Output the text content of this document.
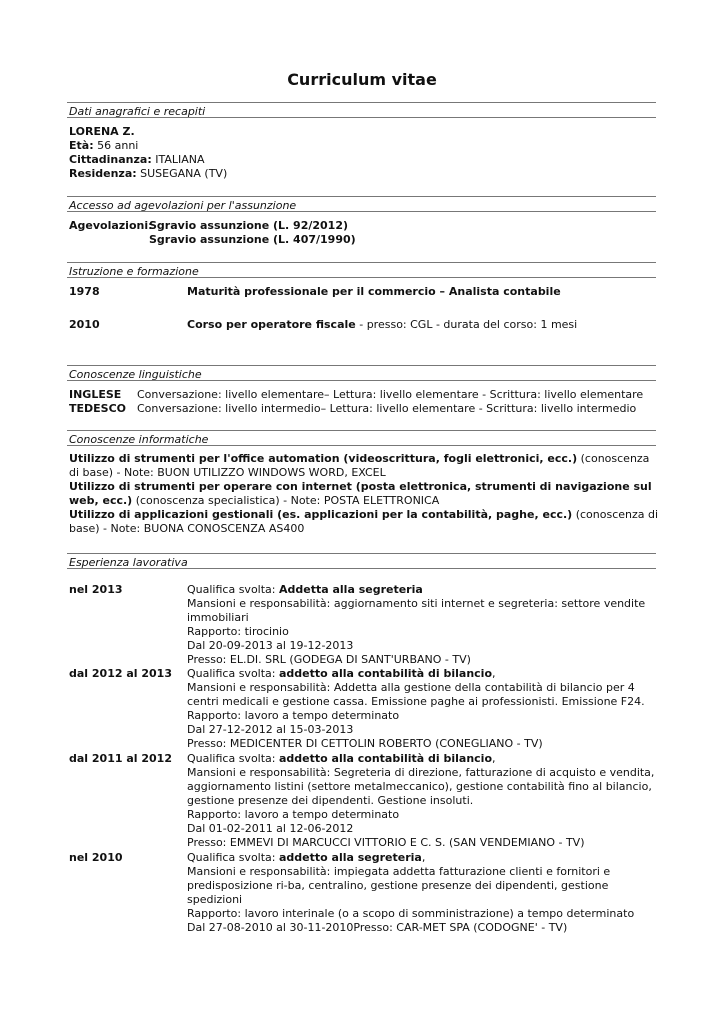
Curriculum vitae
Dati anagrafici e recapiti
LORENA Z.
Età: 56 anni
Cittadinanza: ITALIANA
Residenza: SUSEGANA (TV)
Accesso ad agevolazioni per l'assunzione
Agevolazioni:
Sgravio assunzione (L. 92/2012)
Sgravio assunzione (L. 407/1990)
Istruzione e formazione
1978	Maturità professionale per il commercio – Analista contabile
2010	Corso per operatore fiscale - presso: CGL - durata del corso: 1 mesi
Conoscenze linguistiche
INGLESE Conversazione: livello elementare– Lettura: livello elementare - Scrittura: livello elementare
TEDESCO Conversazione: livello intermedio– Lettura: livello elementare - Scrittura: livello intermedio
Conoscenze informatiche
Utilizzo di strumenti per l'office automation (videoscrittura, fogli elettronici, ecc.) (conoscenza di base) - Note: BUON UTILIZZO WINDOWS WORD, EXCEL
Utilizzo di strumenti per operare con internet (posta elettronica, strumenti di navigazione sul web, ecc.) (conoscenza specialistica) - Note: POSTA ELETTRONICA
Utilizzo di applicazioni gestionali (es. applicazioni per la contabilità, paghe, ecc.) (conoscenza di base) - Note: BUONA CONOSCENZA AS400
Esperienza lavorativa
nel 2013	Qualifica svolta: Addetta alla segreteria
Mansioni e responsabilità: aggiornamento siti internet e segreteria: settore vendite immobiliari
Rapporto: tirocinio
Dal 20-09-2013 al 19-12-2013
Presso: EL.DI. SRL (GODEGA DI SANT'URBANO - TV)
dal 2012 al 2013 Qualifica svolta: addetto alla contabilità di bilancio,
Mansioni e responsabilità: Addetta alla gestione della contabilità di bilancio per 4 centri medicali e gestione cassa. Emissione paghe ai professionisti. Emissione F24.
Rapporto: lavoro a tempo determinato
Dal 27-12-2012 al 15-03-2013
Presso: MEDICENTER DI CETTOLIN ROBERTO (CONEGLIANO - TV)
dal 2011 al 2012 Qualifica svolta: addetto alla contabilità di bilancio,
Mansioni e responsabilità: Segreteria di direzione, fatturazione di acquisto e vendita, aggiornamento listini (settore metalmeccanico), gestione contabilità fino al bilancio, gestione presenze dei dipendenti. Gestione insoluti.
Rapporto: lavoro a tempo determinato
Dal 01-02-2011 al 12-06-2012
Presso: EMMEVI DI MARCUCCI VITTORIO E C. S. (SAN VENDEMIANO - TV)
nel 2010	Qualifica svolta: addetto alla segreteria,
Mansioni e responsabilità: impiegata addetta fatturazione clienti e fornitori e predisposizione ri-ba, centralino, gestione presenze dei dipendenti, gestione spedizioni
Rapporto: lavoro interinale (o a scopo di somministrazione) a tempo determinato
Dal 27-08-2010 al 30-11-2010Presso: CAR-MET SPA (CODOGNE' - TV)
